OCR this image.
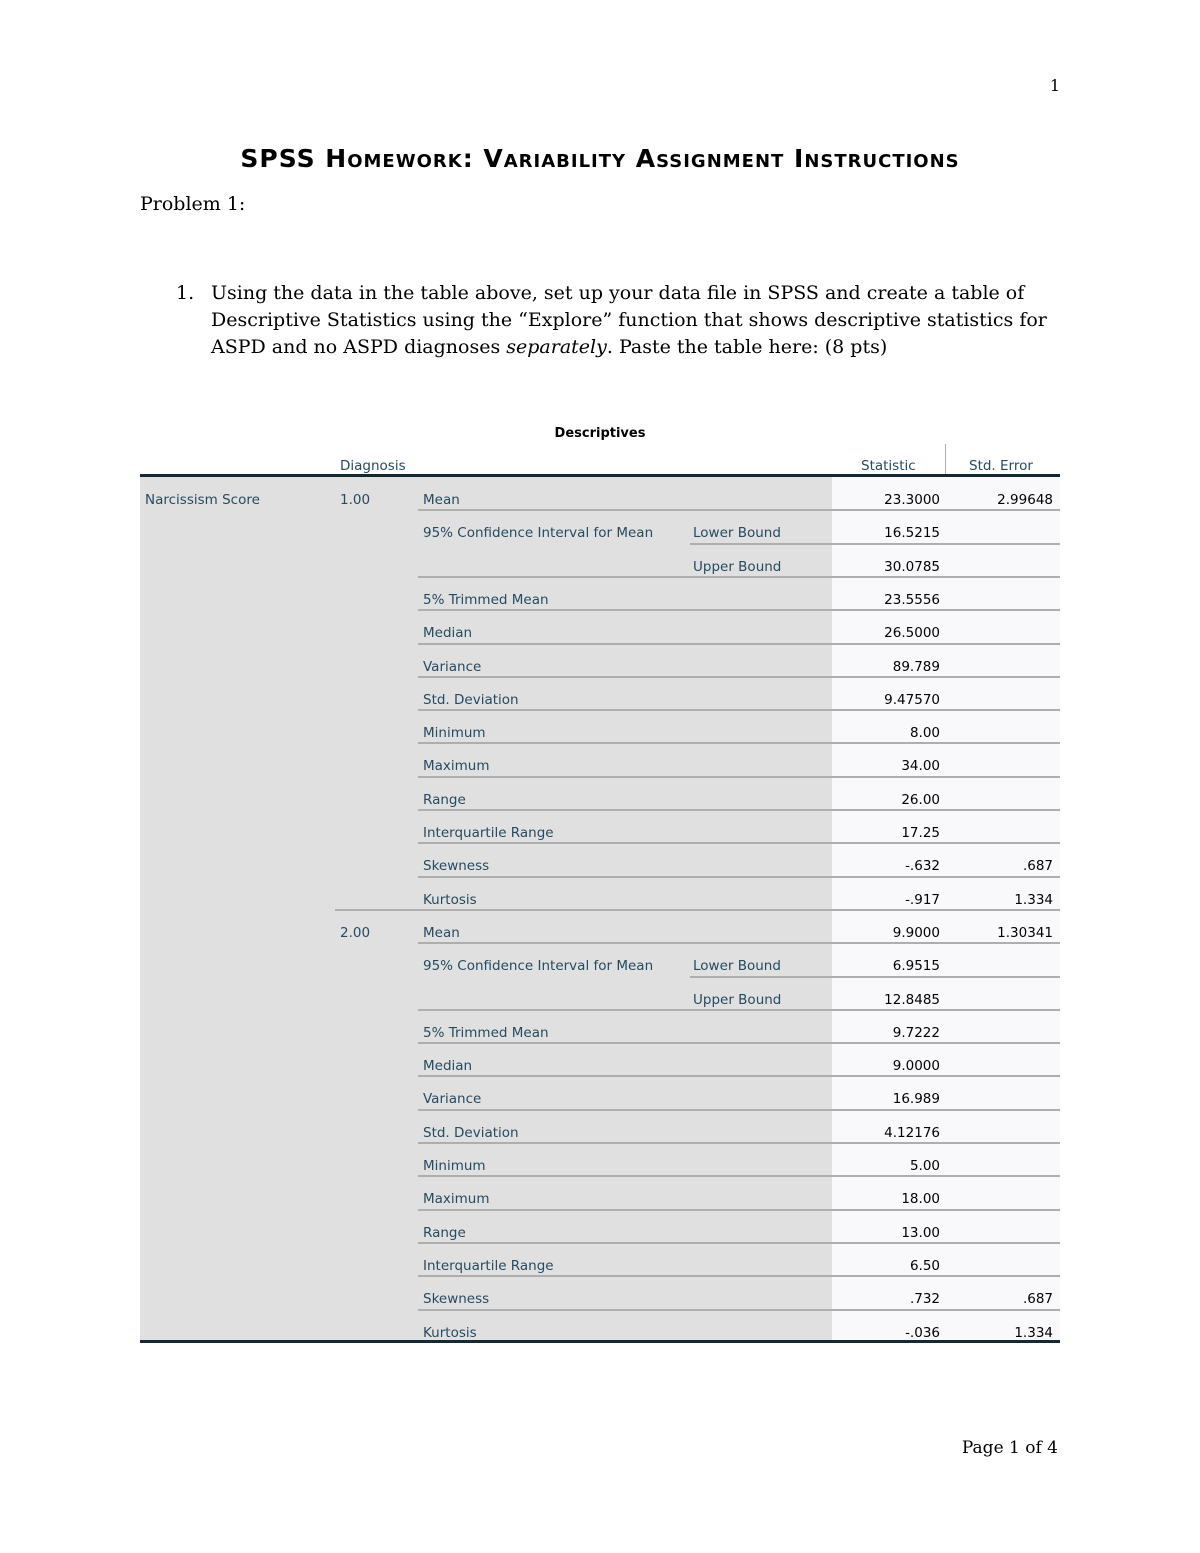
1
SPSS Homework: Variability Assignment Instructions
Problem 1:
1. Using the data in the table above, set up your data file in SPSS and create a table of Descriptive Statistics using the “Explore” function that shows descriptive statistics for ASPD and no ASPD diagnoses separately. Paste the table here: (8 pts)
Descriptives
Diagnosis	Statistic	Std. Error
Narcissism Score	1.00	Mean	23.3000	2.99648
95% Confidence Interval for Mean	Lower Bound	16.5215
Upper Bound	30.0785
5% Trimmed Mean	23.5556
Median	26.5000
Variance	89.789
Std. Deviation	9.47570
Minimum	8.00
Maximum	34.00
Range	26.00
Interquartile Range	17.25
Skewness	-.632	.687
Kurtosis	-.917	1.334
2.00	Mean	9.9000	1.30341
95% Confidence Interval for Mean	Lower Bound	6.9515
Upper Bound	12.8485
5% Trimmed Mean	9.7222
Median	9.0000
Variance	16.989
Std. Deviation	4.12176
Minimum	5.00
Maximum	18.00
Range	13.00
Interquartile Range	6.50
Skewness	.732	.687
Kurtosis	-.036	1.334
Page 1 of 4
